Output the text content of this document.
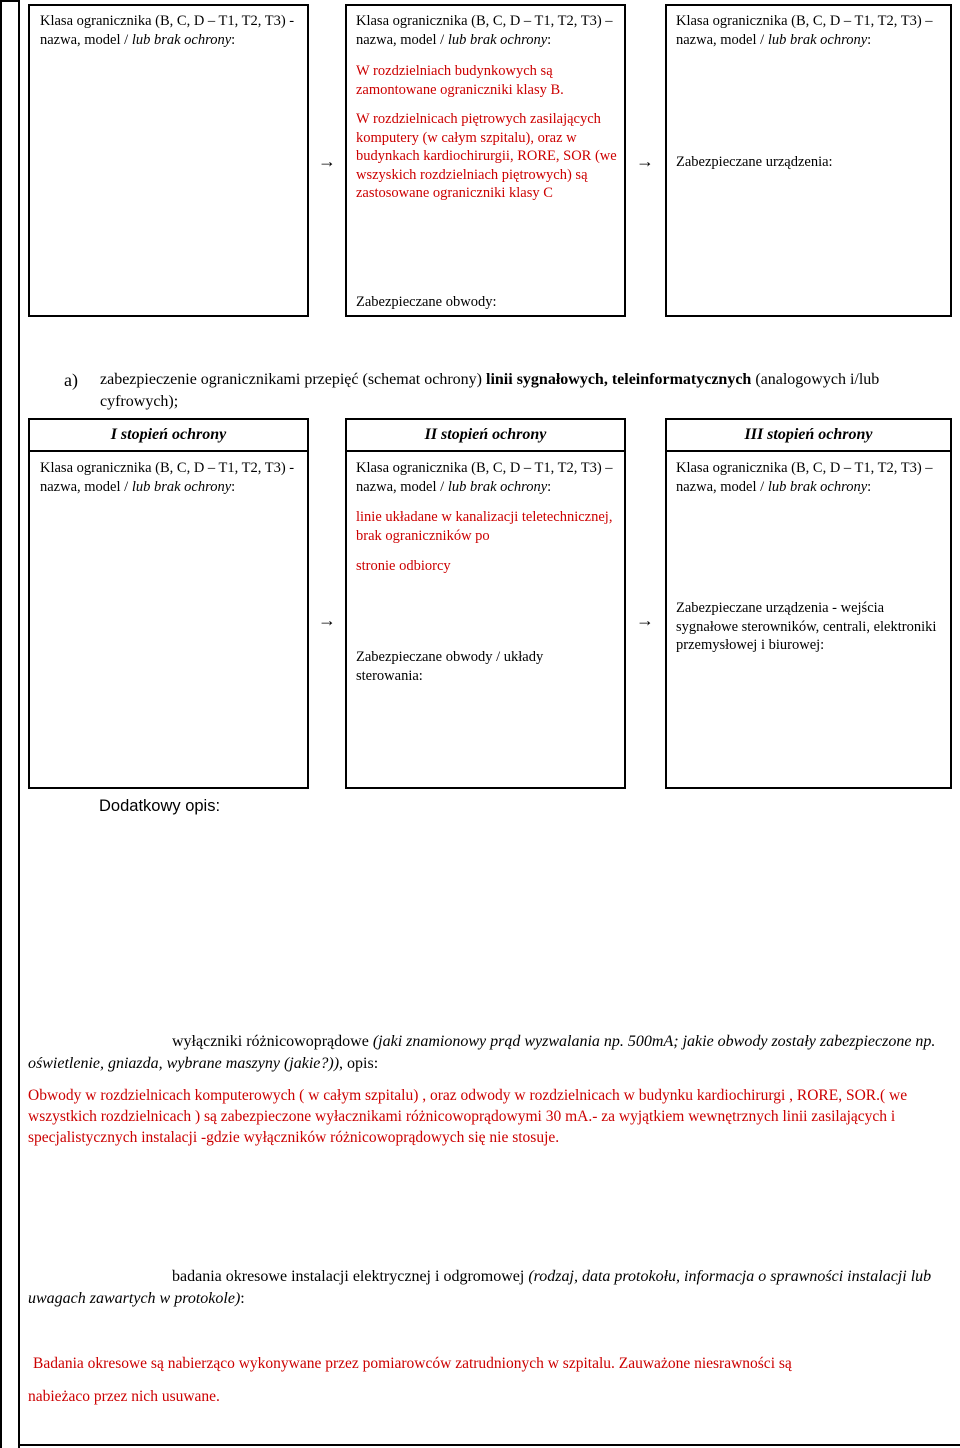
Klasa ogranicznika (B, C, D – T1, T2, T3) - nazwa, model / lub brak ochrony:
Klasa ogranicznika (B, C, D – T1, T2, T3) – nazwa, model / lub brak ochrony:
W rozdzielniach budynkowych są zamontowane ograniczniki klasy B.
W rozdzielnicach piętrowych zasilających komputery (w całym szpitalu), oraz w budynkach kardiochirurgii, RORE, SOR (we wszyskich rozdzielniach piętrowych) są zastosowane ograniczniki klasy C
Zabezpieczane obwody:
Klasa ogranicznika (B, C, D – T1, T2, T3) – nazwa, model / lub brak ochrony:
Zabezpieczane urządzenia:
→	→
a) zabezpieczenie ogranicznikami przepięć (schemat ochrony) linii sygnałowych, teleinformatycznych (analogowych i/lub cyfrowych);
I stopień ochrony	II stopień ochrony	III stopień ochrony
Klasa ogranicznika (B, C, D – T1, T2, T3) - nazwa, model / lub brak ochrony:
Klasa ogranicznika (B, C, D – T1, T2, T3) – nazwa, model / lub brak ochrony:
linie układane w kanalizacji teletechnicznej, brak ograniczników po
stronie odbiorcy
Zabezpieczane obwody / układy sterowania:
Klasa ogranicznika (B, C, D – T1, T2, T3) – nazwa, model / lub brak ochrony:
Zabezpieczane urządzenia - wejścia sygnałowe sterowników, centrali, elektroniki przemysłowej i biurowej:
→	→
Dodatkowy opis:
wyłączniki różnicowoprądowe (jaki znamionowy prąd wyzwalania np. 500mA; jakie obwody zostały zabezpieczone np. oświetlenie, gniazda, wybrane maszyny (jakie?)), opis:
Obwody w rozdzielnicach komputerowych ( w całym szpitalu) , oraz odwody w rozdzielnicach w budynku kardiochirurgi , RORE, SOR.( we wszystkich rozdzielnicach ) są zabezpieczone wyłacznikami różnicowoprądowymi 30 mA.- za wyjątkiem wewnętrznych linii zasilających i specjalistycznych instalacji -gdzie wyłączników różnicowoprądowych się nie stosuje.
badania okresowe instalacji elektrycznej i odgromowej (rodzaj, data protokołu, informacja o sprawności instalacji lub uwagach zawartych w protokole):
Badania okresowe są nabierząco wykonywane przez pomiarowców zatrudnionych w szpitalu. Zauważone niesrawności są
nabieżaco przez nich usuwane.
